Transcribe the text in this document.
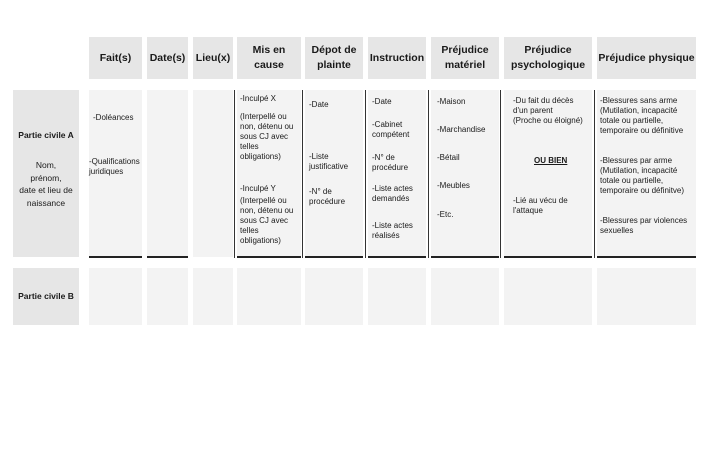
Fait(s) Date(s) Lieu(x)
Mis en cause
Dépot de
plainte
Instruction
Préjudice
matériel
Préjudice
psychologique
Préjudice physique
Partie civile A
Nom,
prénom,
date et lieu de
naissance
-Doléances
-Qualifications
juridiques
-Inculpé X
(Interpellé ou
non, détenu ou
sous CJ avec
telles
obligations)
-Inculpé Y
(Interpellé ou
non, détenu ou
sous CJ avec
telles
obligations)
-Date
-Liste
justificative
-N° de
procédure
-Date
-Cabinet
compétent
-N° de
procédure
-Liste actes
demandés
-Liste actes
réalisés
-Maison
-Marchandise
-Bétail
-Meubles
-Etc.
-Du fait du décès
d'un parent
(Proche ou éloigné)
OU BIEN
-Lié au vécu de
l'attaque
-Blessures sans arme
(Mutilation, incapacité
totale ou partielle,
temporaire ou définitive
-Blessures par arme
(Mutilation, incapacité
totale ou partielle,
temporaire ou définitve)
-Blessures par violences
sexuelles
Partie civile B
